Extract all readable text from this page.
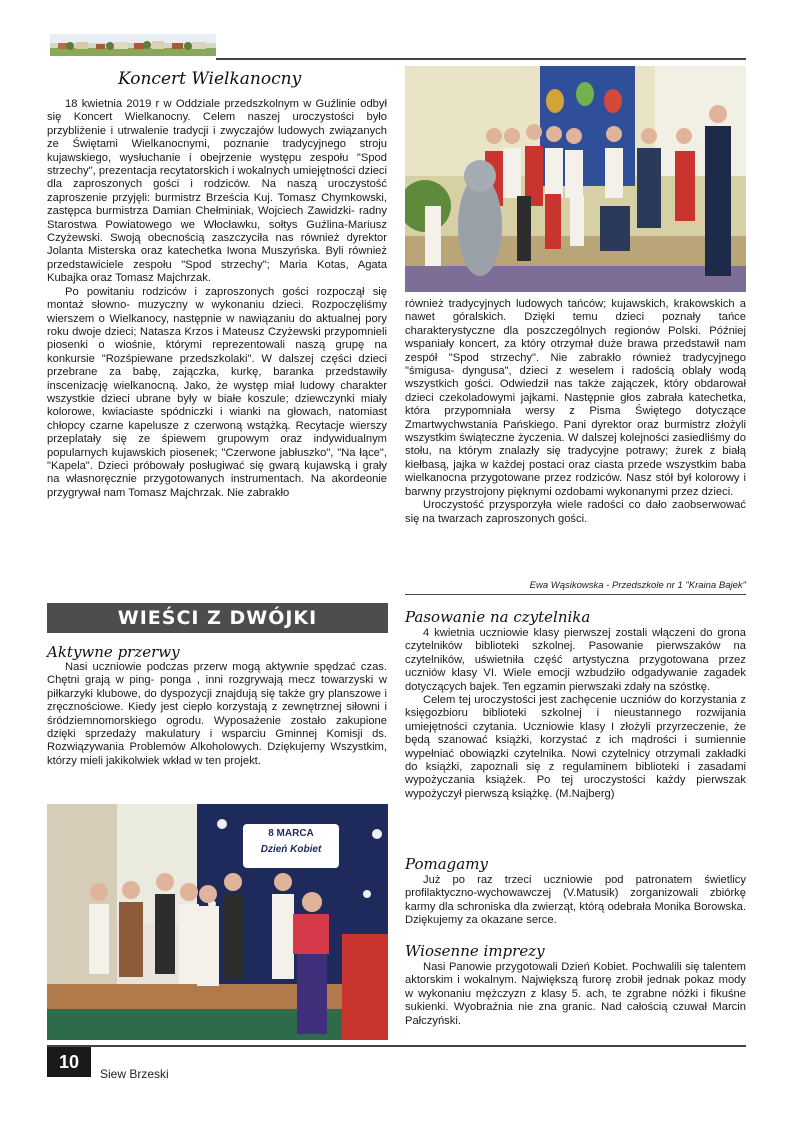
Koncert Wielkanocny

18 kwietnia 2019 r w Oddziale przedszkolnym w Guźlinie odbył się Koncert Wielkanocny. Celem naszej uroczystości było przybliżenie i utrwalenie tradycji i zwyczajów ludowych związanych ze Świętami Wielkanocnymi, poznanie tradycyjnego stroju kujawskiego, wysłuchanie i obejrzenie występu zespołu "Spod strzechy", prezentacja recytatorskich i wokalnych umiejętności dzieci dla zaproszonych gości i rodziców. Na naszą uroczystość zaproszenie przyjęli: burmistrz Brześcia Kuj. Tomasz Chymkowski, zastępca burmistrza Damian Chełminiak, Wojciech Zawidzki- radny Starostwa Powiatowego we Włocławku, sołtys Guźlina-Mariusz Czyżewski. Swoją obecnością zaszczyciła nas również dyrektor Jolanta Misterska oraz katechetka Iwona Muszyńska. Byli również przedstawiciele zespołu "Spod strzechy"; Maria Kotas, Agata Kubajka oraz Tomasz Majchrzak.

Po powitaniu rodziców i zaproszonych gości rozpoczął się montaż słowno- muzyczny w wykonaniu dzieci. Rozpoczęliśmy wierszem o Wielkanocy, następnie w nawiązaniu do aktualnej pory roku dwoje dzieci; Natasza Krzos i Mateusz Czyżewski przypomnieli piosenki o wiośnie, którymi reprezentowali naszą grupę na konkursie "Rozśpiewane przedszkolaki". W dalszej części dzieci przebrane za babę, zajączka, kurkę, baranka przedstawiły inscenizację wielkanocną. Jako, że występ miał ludowy charakter wszystkie dzieci ubrane były w białe koszule; dziewczynki miały kolorowe, kwiaciaste spódniczki i wianki na głowach, natomiast chłopcy czarne kapelusze z czerwoną wstążką. Recytacje wierszy przeplatały się ze śpiewem grupowym oraz indywidualnym popularnych kujawskich piosenek; "Czerwone jabłuszko", "Na łące", "Kapela". Dzieci próbowały posługiwać się gwarą kujawską i grały na własnoręcznie przygotowanych instrumentach. Na akordeonie przygrywał nam Tomasz Majchrzak. Nie zabrakło

również tradycyjnych ludowych tańców; kujawskich, krakowskich a nawet góralskich. Dzięki temu dzieci poznały tańce charakterystyczne dla poszczególnych regionów Polski. Później wspaniały koncert, za który otrzymał duże brawa przedstawił nam zespół "Spod strzechy". Nie zabrakło również tradycyjnego "śmigusa- dyngusa", dzieci z weselem i radością oblały wodą wszystkich gości. Odwiedził nas także zajączek, który obdarował dzieci czekoladowymi jajkami. Następnie głos zabrała katechetka, która przypomniała wersy z Pisma Świętego dotyczące Zmartwychwstania Pańskiego. Pani dyrektor oraz burmistrz złożyli wszystkim świąteczne życzenia. W dalszej kolejności zasiedliśmy do stołu, na którym znalazły się tradycyjne potrawy; żurek z białą kiełbasą, jajka w każdej postaci oraz ciasta przede wszystkim baba wielkanocna przygotowane przez rodziców. Nasz stół był kolorowy i barwny przystrojony pięknymi ozdobami wykonanymi przez dzieci.

Uroczystość przysporzyła wiele radości co dało zaobserwować się na twarzach zaproszonych gości.

Ewa Wąsikowska - Przedszkole nr 1 "Kraina Bajek"
WIEŚCI Z DWÓJKI
Aktywne przerwy

Nasi uczniowie podczas przerw mogą aktywnie spędzać czas. Chętni grają w ping- ponga , inni rozgrywają mecz towarzyski w piłkarzyki klubowe, do dyspozycji znajdują się także gry planszowe i zręcznościowe. Kiedy jest ciepło korzystają z zewnętrznej siłowni i śródziemnomorskiego ogrodu. Wyposażenie zostało zakupione dzięki sprzedaży makulatury i wsparciu Gminnej Komisji ds. Rozwiązywania Problemów Alkoholowych. Dziękujemy Wszystkim, którzy mieli jakikolwiek wkład w ten projekt.

8 MARCA
Dzień Kobiet
Pasowanie na czytelnika

4 kwietnia uczniowie klasy pierwszej zostali włączeni do grona czytelników biblioteki szkolnej. Pasowanie pierwszaków na czytelników, uświetniła część artystyczna przygotowana przez uczniów klasy VI. Wiele emocji wzbudziło odgadywanie zagadek dotyczących bajek. Ten egzamin pierwszaki zdały na szóstkę.

Celem tej uroczystości jest zachęcenie uczniów do korzystania z księgozbioru biblioteki szkolnej i nieustannego rozwijania umiejętności czytania. Uczniowie klasy I złożyli przyrzeczenie, że będą szanować książki, korzystać z ich mądrości i sumiennie wypełniać obowiązki czytelnika. Nowi czytelnicy otrzymali zakładki do książki, zapoznali się z regulaminem biblioteki i zasadami wypożyczania książek. Po tej uroczystości każdy pierwszak wypożyczył pierwszą książkę. (M.Najberg)

Pomagamy

Już po raz trzeci uczniowie pod patronatem świetlicy profilaktyczno-wychowawczej (V.Matusik) zorganizowali zbiórkę karmy dla schroniska dla zwierząt, którą odebrała Monika Borowska. Dziękujemy za okazane serce.

Wiosenne imprezy

Nasi Panowie przygotowali Dzień Kobiet. Pochwalili się talentem aktorskim i wokalnym. Największą furorę zrobił jednak pokaz mody w wykonaniu mężczyzn z klasy 5. ach, te zgrabne nóżki i fikuśne sukienki. Wyobraźnia nie zna granic. Nad całością czuwał Marcin Pałczyński.

10
Siew Brzeski
